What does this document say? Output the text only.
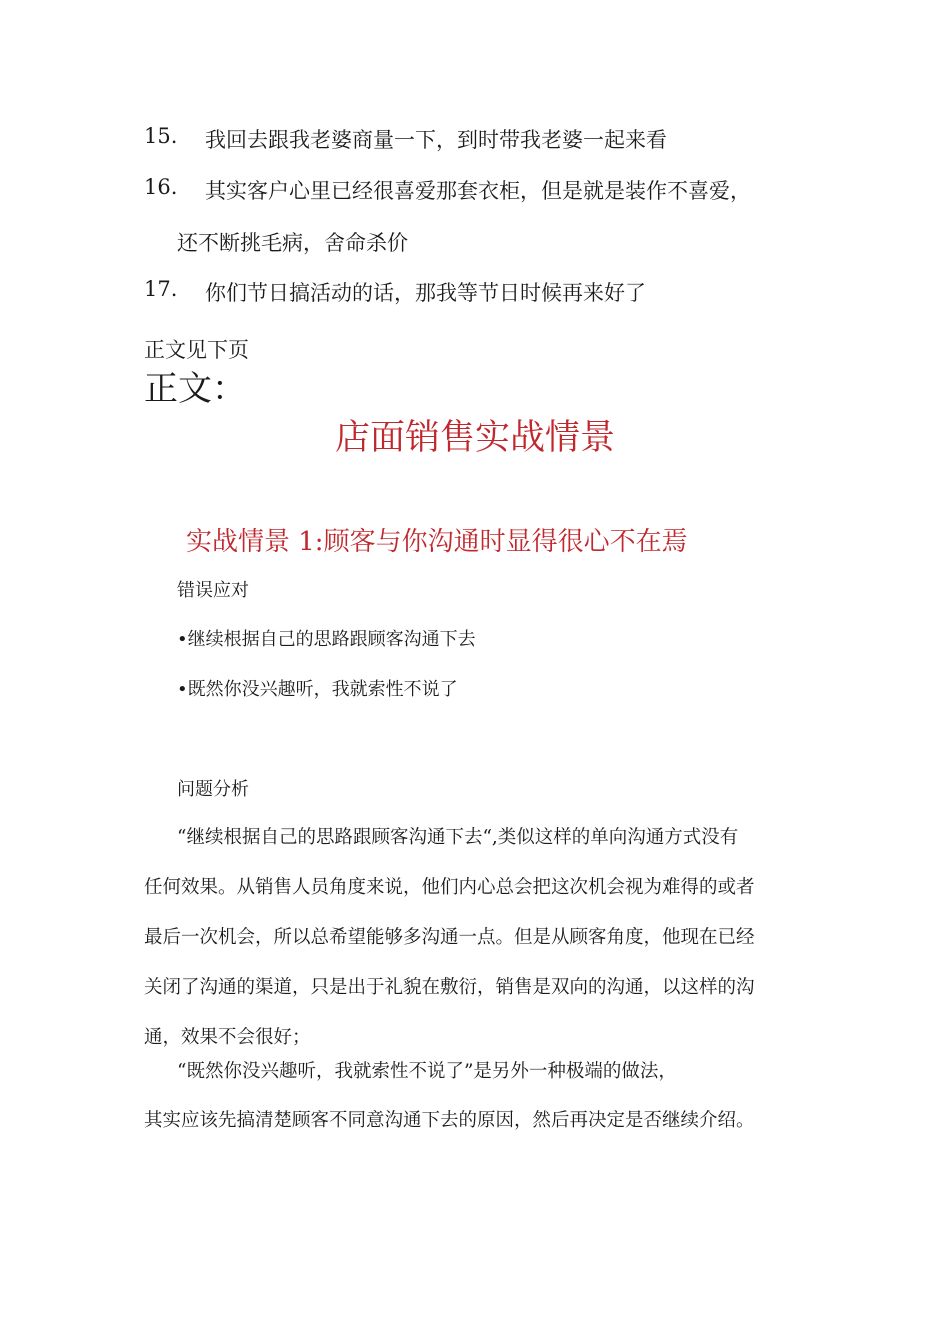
15. 我回去跟我老婆商量一下，到时带我老婆一起来看
16. 其实客户心里已经很喜爱那套衣柜，但是就是装作不喜爱，
还不断挑毛病，舍命杀价
17. 你们节日搞活动的话，那我等节日时候再来好了
正文见下页
正文：
店面销售实战情景
实战情景 1:顾客与你沟通时显得很心不在焉
错误应对
•继续根据自己的思路跟顾客沟通下去
•既然你没兴趣听，我就索性不说了
问题分析
“继续根据自己的思路跟顾客沟通下去“,类似这样的单向沟通方式没有
任何效果。从销售人员角度来说，他们内心总会把这次机会视为难得的或者
最后一次机会，所以总希望能够多沟通一点。但是从顾客角度，他现在已经
关闭了沟通的渠道，只是出于礼貌在敷衍，销售是双向的沟通，以这样的沟
通，效果不会很好；
“既然你没兴趣听，我就索性不说了”是另外一种极端的做法，
其实应该先搞清楚顾客不同意沟通下去的原因，然后再决定是否继续介绍。
